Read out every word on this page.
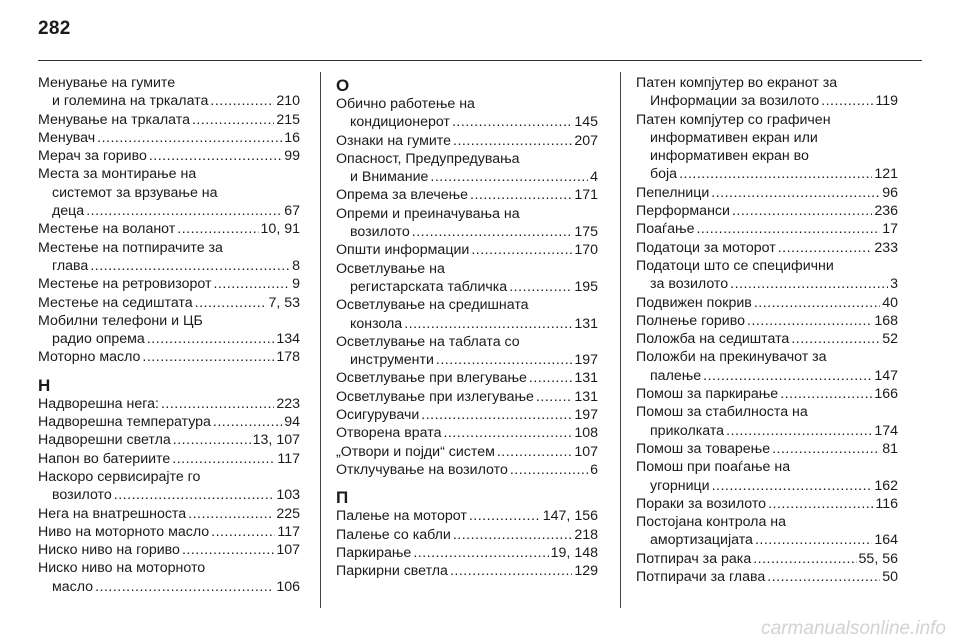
282
Менување на гумите
и големина на тркалата .....	210
Менување на тркалата .....	215
Менувач .....	16
Мерач за гориво .....	99
Места за монтирање на
системот за врзување на
деца .....	67
Местење на воланот .....	10, 91
Местење на потпирачите за
глава .....	8
Местење на ретровизорот .....	9
Местење на седиштата .....	7, 53
Мобилни телефони и ЦБ
радио опрема .....	134
Моторно масло .....	178
Н
Надворешна нега: .....	223
Надворешна температура .....	94
Надворешни светла .....	13, 107
Напон во батериите .....	117
Наскоро сервисирајте го
возилото .....	103
Нега на внатрешноста .....	225
Ниво на моторното масло .....	117
Ниско ниво на гориво .....	107
Ниско ниво на моторното
масло .....	106
О
Обично работење на
кондиционерот .....	145
Ознаки на гумите .....	207
Опасност, Предупредувања
и Внимание .....	4
Опрема за влечење .....	171
Опреми и преиначувања на
возилото .....	175
Општи информации .....	170
Осветлување на
регистарската табличка .....	195
Осветлување на средишната
конзола .....	131
Осветлување на таблата со
инструменти .....	197
Осветлување при влегување .....	131
Осветлување при излегување .....	131
Осигурувачи .....	197
Отворена врата .....	108
„Отвори и појди“ систем .....	107
Отклучување на возилото .....	6
П
Палење на моторот .....	147, 156
Палење со кабли .....	218
Паркирање .....	19, 148
Паркирни светла .....	129
Патен компјутер во екранот за
Информации за возилото .....	119
Патен компјутер со графичен
информативен екран или
информативен екран во
боја .....	121
Пепелници .....	96
Перформанси .....	236
Поаѓање .....	17
Податоци за моторот .....	233
Податоци што се специфични
за возилото .....	3
Подвижен покрив .....	40
Полнење гориво .....	168
Положба на седиштата .....	52
Положби на прекинувачот за
палење .....	147
Помош за паркирање .....	166
Помош за стабилноста на
приколката .....	174
Помош за товарење .....	81
Помош при поаѓање на
угорници .....	162
Пораки за возилото .....	116
Постојана контрола на
амортизацијата .....	164
Потпирач за рака .....	55, 56
Потпирачи за глава .....	50
carmanualsonline.info
